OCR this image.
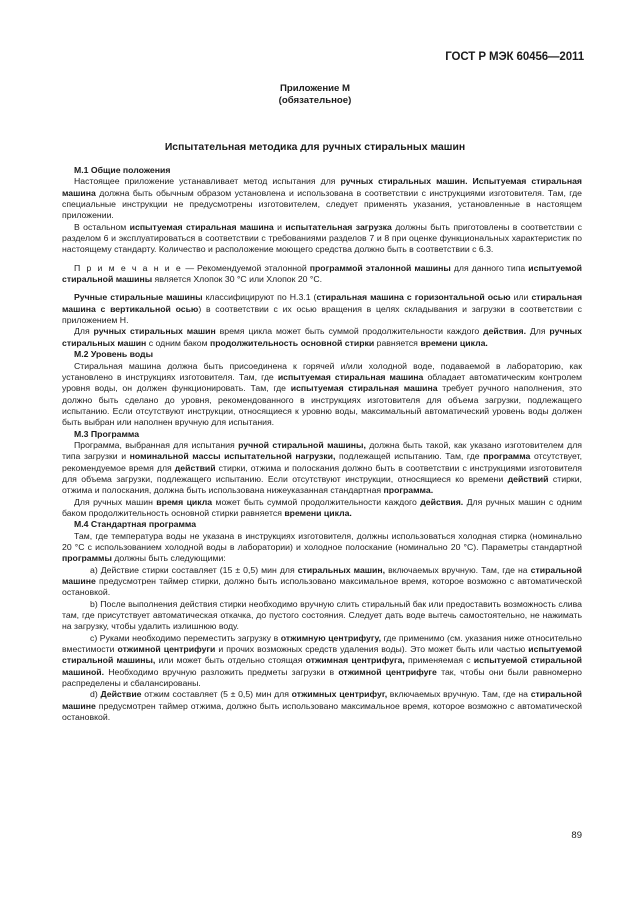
ГОСТ Р МЭК 60456—2011
Приложение М
(обязательное)
Испытательная методика для ручных стиральных машин

М.1 Общие положения

Настоящее приложение устанавливает метод испытания для ручных стиральных машин. Испытуемая стиральная машина должна быть обычным образом установлена и использована в соответствии с инструкциями изготовителя. Там, где специальные инструкции не предусмотрены изготовителем, следует применять указания, установленные в настоящем приложении.

В остальном испытуемая стиральная машина и испытательная загрузка должны быть приготовлены в соответствии с разделом 6 и эксплуатироваться в соответствии с требованиями разделов 7 и 8 при оценке функциональных характеристик по настоящему стандарту. Количество и расположение моющего средства должно быть в соответствии с 6.3.

П р и м е ч а н и е — Рекомендуемой эталонной программой эталонной машины для данного типа испытуемой стиральной машины является Хлопок 30 °С или Хлопок 20 °С.

Ручные стиральные машины классифицируют по Н.3.1 (стиральная машина с горизонтальной осью или стиральная машина с вертикальной осью) в соответствии с их осью вращения в целях складывания и загрузки в соответствии с приложением Н.

Для ручных стиральных машин время цикла может быть суммой продолжительности каждого действия. Для ручных стиральных машин с одним баком продолжительность основной стирки равняется времени цикла.

М.2 Уровень воды

Стиральная машина должна быть присоединена к горячей и/или холодной воде, подаваемой в лабораторию, как установлено в инструкциях изготовителя. Там, где испытуемая стиральная машина обладает автоматическим контролем уровня воды, он должен функционировать. Там, где испытуемая стиральная машина требует ручного наполнения, это должно быть сделано до уровня, рекомендованного в инструкциях изготовителя для объема загрузки, подлежащего испытанию. Если отсутствуют инструкции, относящиеся к уровню воды, максимальный автоматический уровень воды должен быть выбран или наполнен вручную для испытания.

М.3 Программа

Программа, выбранная для испытания ручной стиральной машины, должна быть такой, как указано изготовителем для типа загрузки и номинальной массы испытательной нагрузки, подлежащей испытанию. Там, где программа отсутствует, рекомендуемое время для действий стирки, отжима и полоскания должно быть в соответствии с инструкциями изготовителя для объема загрузки, подлежащего испытанию. Если отсутствуют инструкции, относящиеся ко времени действий стирки, отжима и полоскания, должна быть использована нижеуказанная стандартная программа.

Для ручных машин время цикла может быть суммой продолжительности каждого действия. Для ручных машин с одним баком продолжительность основной стирки равняется времени цикла.

М.4 Стандартная программа

Там, где температура воды не указана в инструкциях изготовителя, должны использоваться холодная стирка (номинально 20 °С с использованием холодной воды в лаборатории) и холодное полоскание (номинально 20 °С). Параметры стандартной программы должны быть следующими:

а) Действие стирки составляет (15 ± 0,5) мин для стиральных машин, включаемых вручную. Там, где на стиральной машине предусмотрен таймер стирки, должно быть использовано максимальное время, которое возможно с автоматической остановкой.

b) После выполнения действия стирки необходимо вручную слить стиральный бак или предоставить возможность слива там, где присутствует автоматическая откачка, до пустого состояния. Следует дать воде вытечь самостоятельно, не нажимать на загрузку, чтобы удалить излишнюю воду.

с) Руками необходимо переместить загрузку в отжимную центрифугу, где применимо (см. указания ниже относительно вместимости отжимной центрифуги и прочих возможных средств удаления воды). Это может быть или частью испытуемой стиральной машины, или может быть отдельно стоящая отжимная центрифуга, применяемая с испытуемой стиральной машиной. Необходимо вручную разложить предметы загрузки в отжимной центрифуге так, чтобы они были равномерно распределены и сбалансированы.

d) Действие отжим составляет (5 ± 0,5) мин для отжимных центрифуг, включаемых вручную. Там, где на стиральной машине предусмотрен таймер отжима, должно быть использовано максимальное время, которое возможно с автоматической остановкой.

89
